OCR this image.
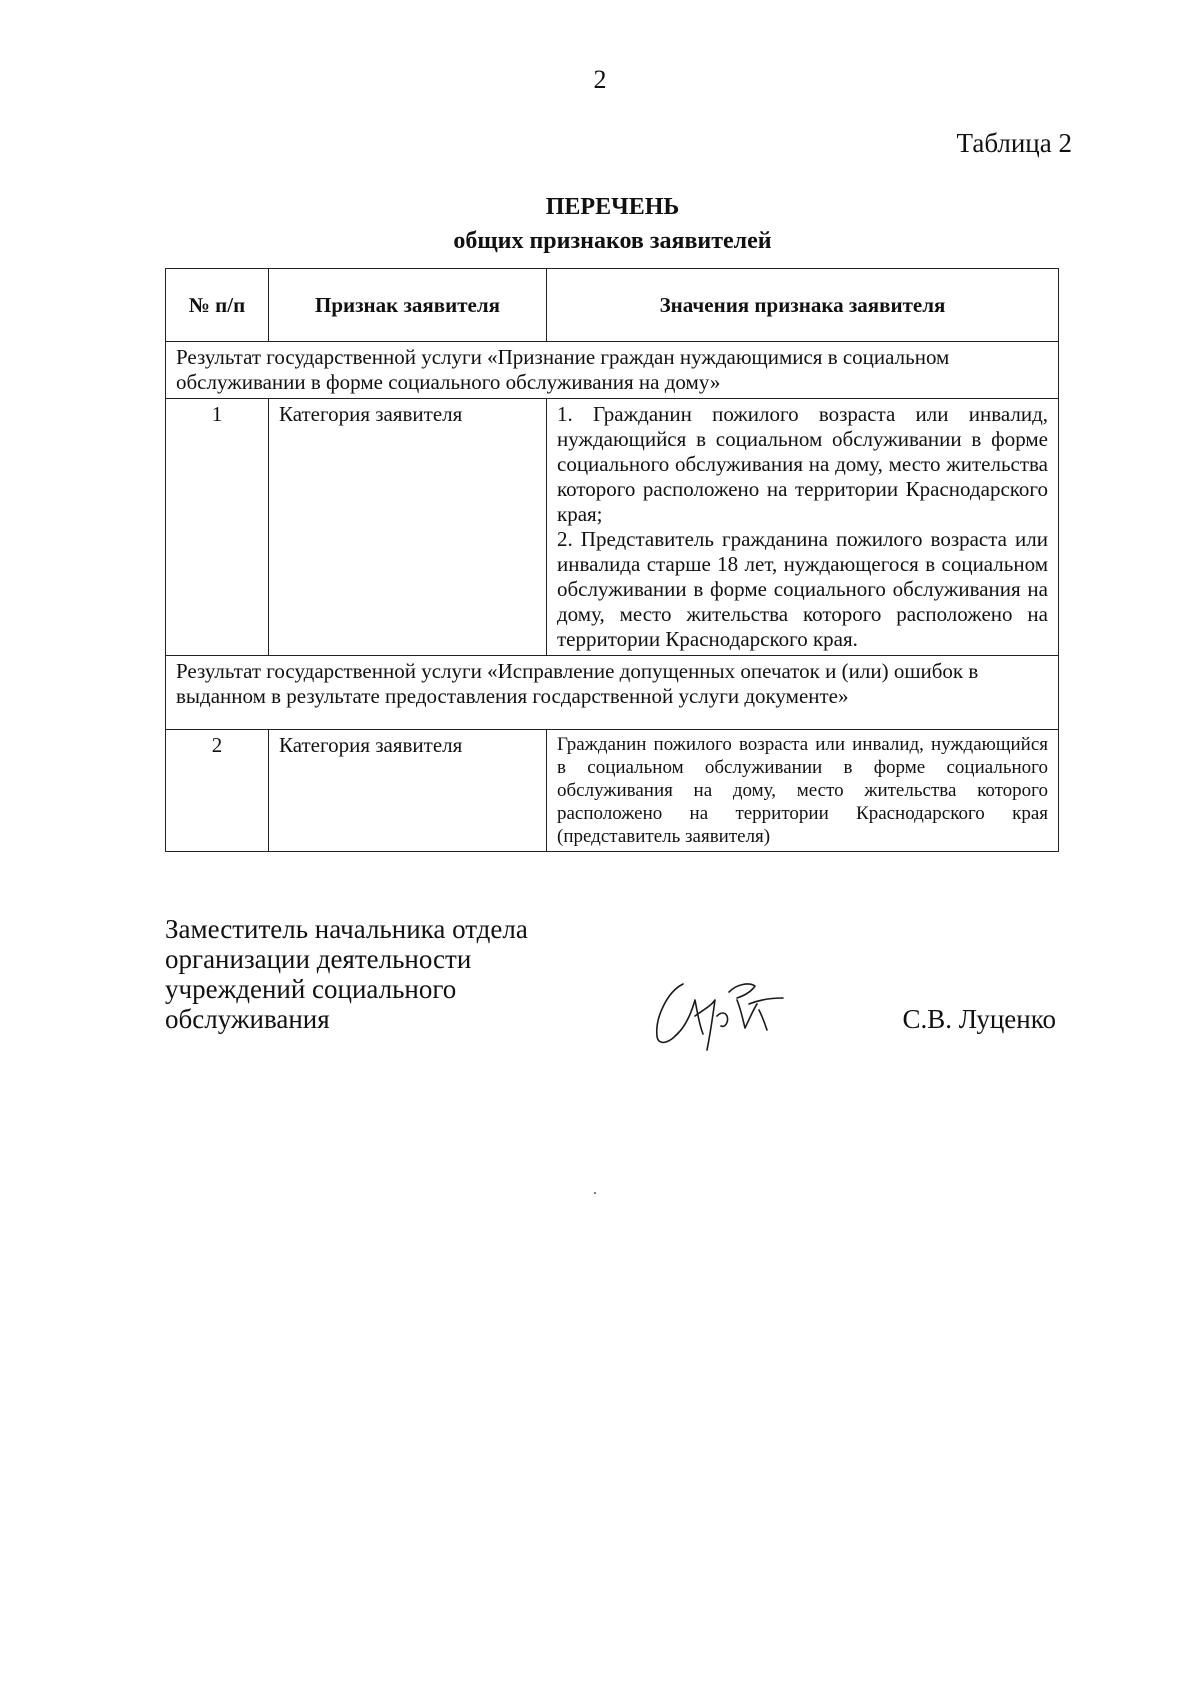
2
Таблица 2
ПЕРЕЧЕНЬ
общих признаков заявителей
№ п/п	Признак заявителя	Значения признака заявителя
Результат государственной услуги «Признание граждан нуждающимися в социальном обслуживании в форме социального обслуживания на дому»		
1	Категория заявителя	1. Гражданин пожилого возраста или инвалид, нуждающийся в социальном обслуживании в форме социального обслуживания на дому, место жительства которого расположено на территории Краснодарского края;

2. Представитель гражданина пожилого возраста или инвалида старше 18 лет, нуждающегося в социальном обслуживании в форме социального обслуживания на дому, место жительства которого расположено на территории Краснодарского края.

Результат государственной услуги «Исправление допущенных опечаток и (или) ошибок в выданном в результате предоставления госдарственной услуги документе»		
2	Категория заявителя	Гражданин пожилого возраста или инвалид, нуждающийся в социальном обслуживании в форме социального обслуживания на дому, место жительства которого расположено на территории Краснодарского края (представитель заявителя)

Заместитель начальника отдела
организации деятельности
учреждений социального
обслуживания	С.В. Луценко
